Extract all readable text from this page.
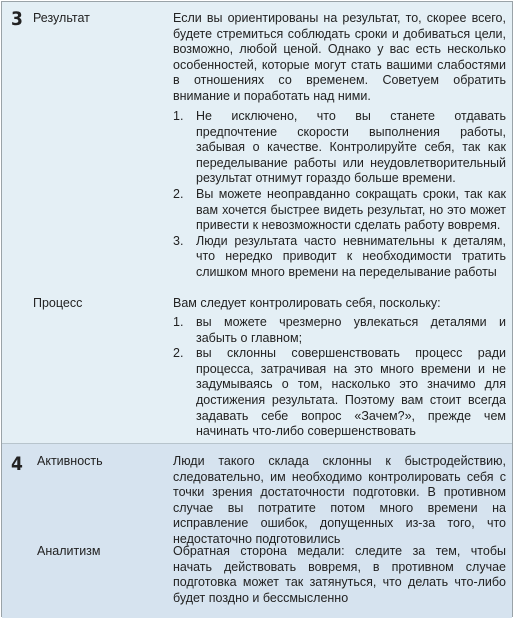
3 Результат	Если вы ориентированы на результат, то, скорее всего, будете стремиться соблюдать сроки и добиваться цели, возможно, любой ценой. Однако у вас есть несколько особенностей, которые могут стать вашими слабостями в отношениях со временем. Советуем обратить внимание и поработать над ними.
1. Не исключено, что вы станете отдавать предпочтение скорости выполнения работы, забывая о качестве. Контролируйте себя, так как переделывание работы или неудовлетворительный результат отнимут гораздо больше времени.
2. Вы можете неоправданно сокращать сроки, так как вам хочется быстрее видеть результат, но это может привести к невозможности сделать работу вовремя.
3. Люди результата часто невнимательны к деталям, что нередко приводит к необходимости тратить слишком много времени на переделывание работы
Процесс	Вам следует контролировать себя, поскольку:
1. вы можете чрезмерно увлекаться деталями и забыть о главном;
2. вы склонны совершенствовать процесс ради процесса, затрачивая на это много времени и не задумываясь о том, насколько это значимо для достижения результата. Поэтому вам стоит всегда задавать себе вопрос «Зачем?», прежде чем начинать что-либо совершенствовать
4 Активность	Люди такого склада склонны к быстродействию, следовательно, им необходимо контролировать себя с точки зрения достаточности подготовки. В противном случае вы потратите потом много времени на исправление ошибок, допущенных из-за того, что недостаточно подготовились
Аналитизм	Обратная сторона медали: следите за тем, чтобы начать действовать вовремя, в противном случае подготовка может так затянуться, что делать что-либо будет поздно и бессмысленно
